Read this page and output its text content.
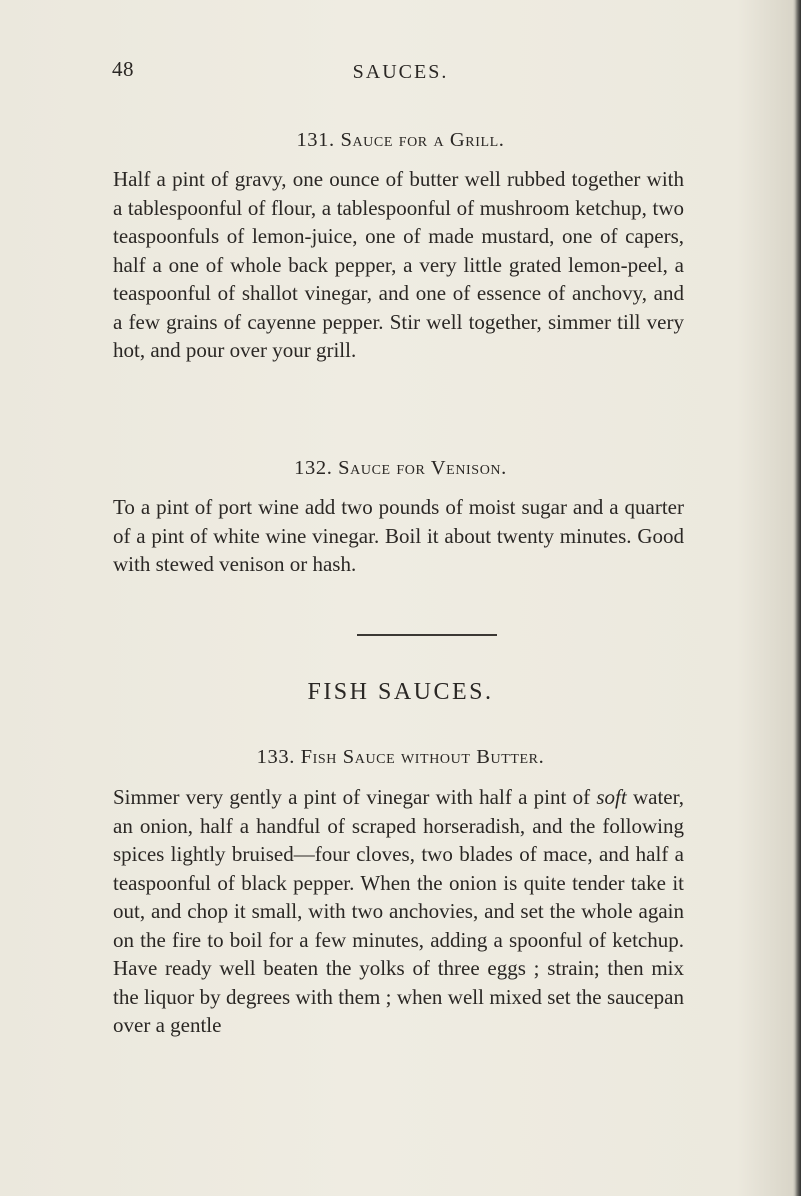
48	SAUCES.
131. Sauce for a Grill.

Half a pint of gravy, one ounce of butter well rubbed together with a tablespoonful of flour, a tablespoonful of mushroom ketchup, two teaspoonfuls of lemon-juice, one of made mustard, one of capers, half a one of whole back pepper, a very little grated lemon-peel, a teaspoonful of shallot vinegar, and one of essence of anchovy, and a few grains of cayenne pepper. Stir well together, simmer till very hot, and pour over your grill.

132. Sauce for Venison.

To a pint of port wine add two pounds of moist sugar and a quarter of a pint of white wine vinegar. Boil it about twenty minutes. Good with stewed venison or hash.

FISH SAUCES.
133. Fish Sauce without Butter.

Simmer very gently a pint of vinegar with half a pint of soft water, an onion, half a handful of scraped horseradish, and the following spices lightly bruised—four cloves, two blades of mace, and half a teaspoonful of black pepper. When the onion is quite tender take it out, and chop it small, with two anchovies, and set the whole again on the fire to boil for a few minutes, adding a spoonful of ketchup. Have ready well beaten the yolks of three eggs ; strain; then mix the liquor by degrees with them ; when well mixed set the saucepan over a gentle
